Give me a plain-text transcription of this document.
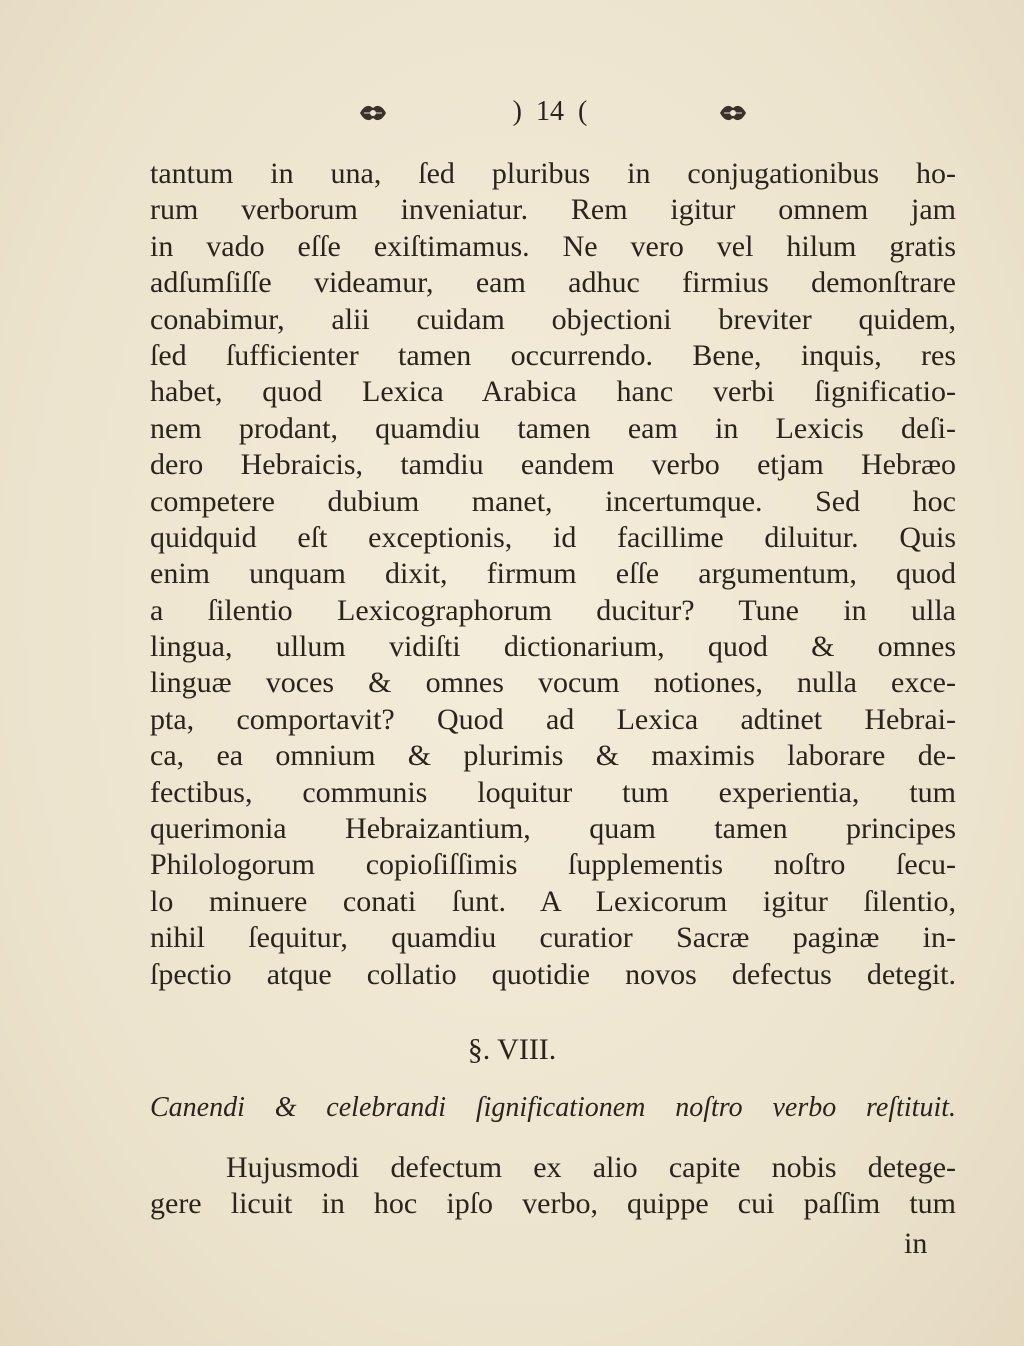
)  14  (
tantum in una, ſed pluribus in conjugationibus ho-
rum verborum inveniatur. Rem igitur omnem jam
in vado eſſe exiſtimamus. Ne vero vel hilum gratis
adſumſiſſe videamur, eam adhuc firmius demonſtrare
conabimur, alii cuidam objectioni breviter quidem,
ſed ſufficienter tamen occurrendo. Bene, inquis, res
habet, quod Lexica Arabica hanc verbi ſignificatio-
nem prodant, quamdiu tamen eam in Lexicis deſi-
dero Hebraicis, tamdiu eandem verbo etjam Hebræo
competere dubium manet, incertumque. Sed hoc
quidquid eſt exceptionis, id facillime diluitur. Quis
enim unquam dixit, firmum eſſe argumentum, quod
a ſilentio Lexicographorum ducitur? Tune in ulla
lingua, ullum vidiſti dictionarium, quod & omnes
linguæ voces & omnes vocum notiones, nulla exce-
pta, comportavit? Quod ad Lexica adtinet Hebrai-
ca, ea omnium & plurimis & maximis laborare de-
fectibus, communis loquitur tum experientia, tum
querimonia Hebraizantium, quam tamen principes
Philologorum copioſiſſimis ſupplementis noſtro ſecu-
lo minuere conati ſunt. A Lexicorum igitur ſilentio,
nihil ſequitur, quamdiu curatior Sacræ paginæ in-
ſpectio atque collatio quotidie novos defectus detegit.
§. VIII.
Canendi & celebrandi ſignificationem noſtro verbo reſtituit.
Hujusmodi defectum ex alio capite nobis detege-
gere licuit in hoc ipſo verbo, quippe cui paſſim tum
in
